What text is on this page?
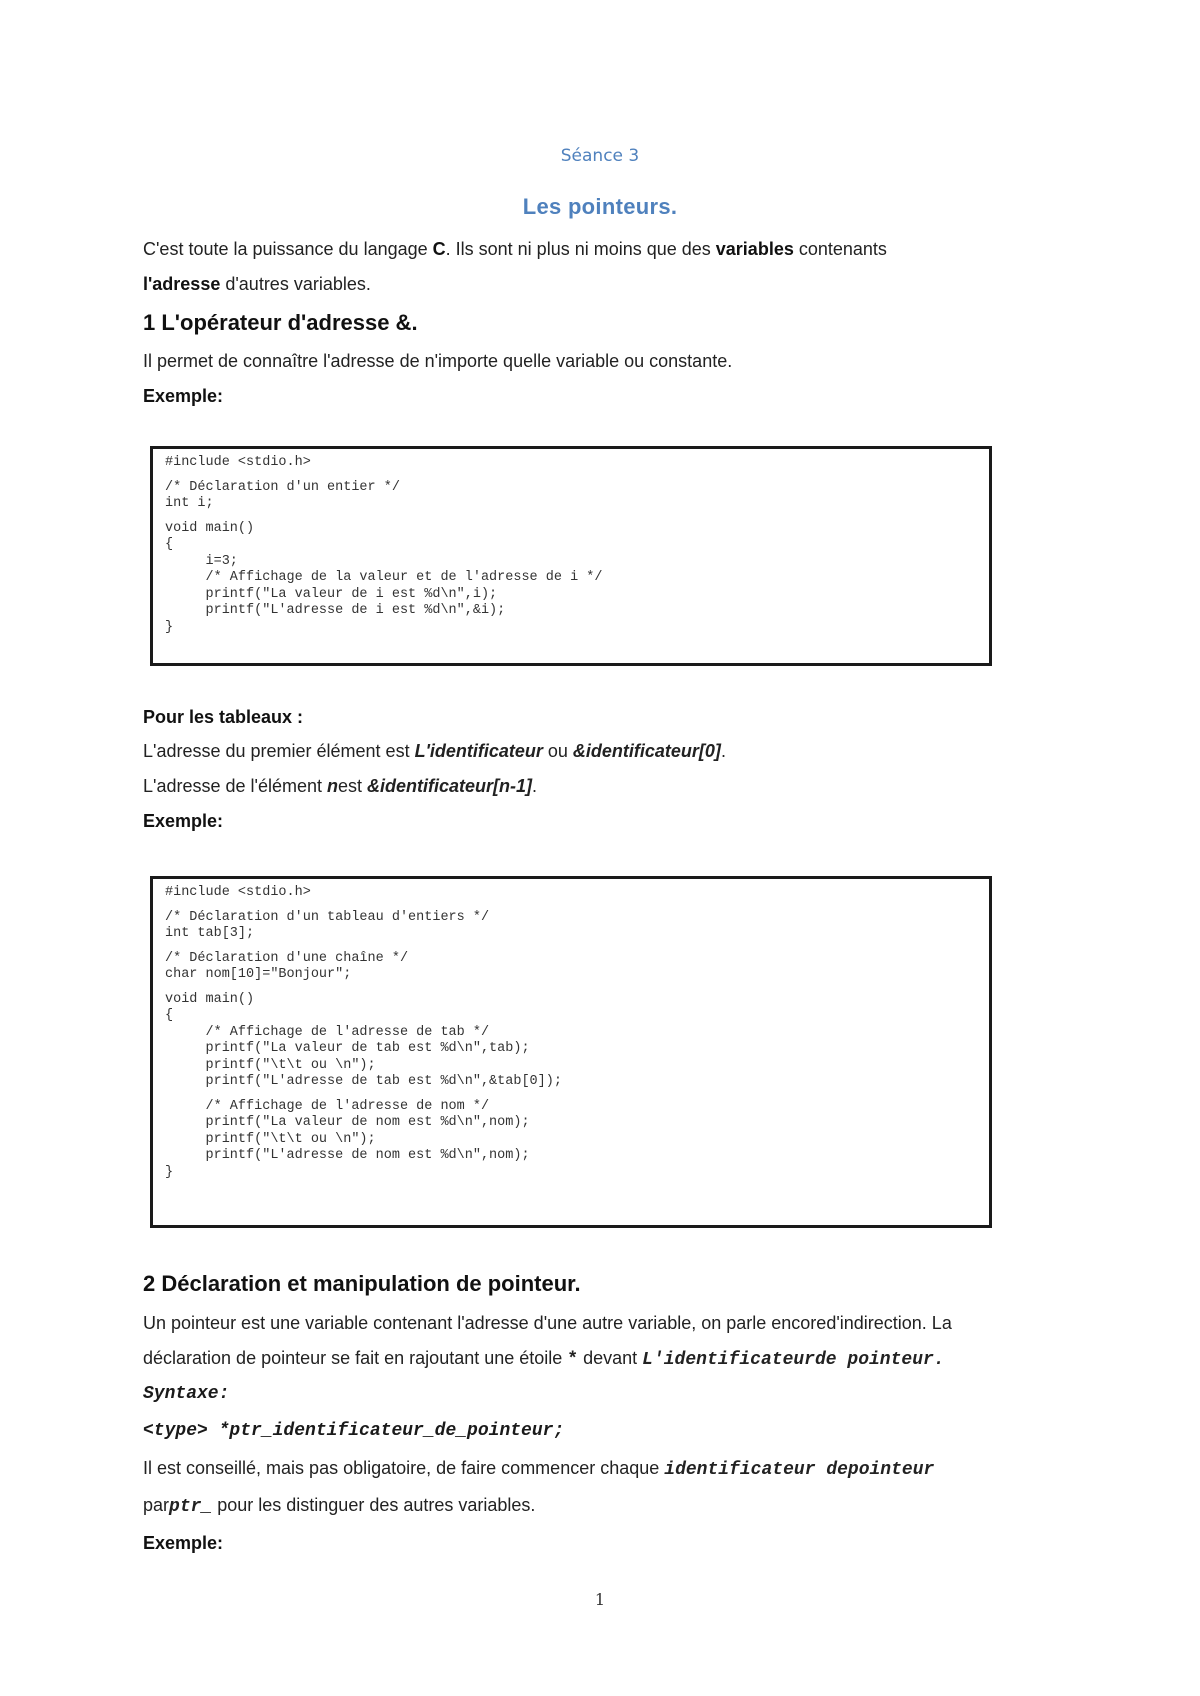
Séance 3
Les pointeurs.
C'est toute la puissance du langage C. Ils sont ni plus ni moins que des variables contenants
l'adresse d'autres variables.
1 L'opérateur d'adresse &.
Il permet de connaître l'adresse de n'importe quelle variable ou constante.
Exemple:
#include <stdio.h>
/* Déclaration d'un entier */
int i;
void main()
{
i=3;
/* Affichage de la valeur et de l'adresse de i */
printf("La valeur de i est %d\n",i);
printf("L'adresse de i est %d\n",&i);
}
Pour les tableaux :
L'adresse du premier élément est L'identificateur ou &identificateur[0].
L'adresse de l'élément nest &identificateur[n-1].
Exemple:
#include <stdio.h>
/* Déclaration d'un tableau d'entiers */
int tab[3];
/* Déclaration d'une chaîne */
char nom[10]="Bonjour";
void main()
{
/* Affichage de l'adresse de tab */
printf("La valeur de tab est %d\n",tab);
printf("\t\t ou \n");
printf("L'adresse de tab est %d\n",&tab[0]);
/* Affichage de l'adresse de nom */
printf("La valeur de nom est %d\n",nom);
printf("\t\t ou \n");
printf("L'adresse de nom est %d\n",nom);
}
2 Déclaration et manipulation de pointeur.
Un pointeur est une variable contenant l'adresse d'une autre variable, on parle encored'indirection. La
déclaration de pointeur se fait en rajoutant une étoile * devant L'identificateurde pointeur.
Syntaxe:
<type> *ptr_identificateur_de_pointeur;
Il est conseillé, mais pas obligatoire, de faire commencer chaque identificateur depointeur
parptr_ pour les distinguer des autres variables.
Exemple:
1
